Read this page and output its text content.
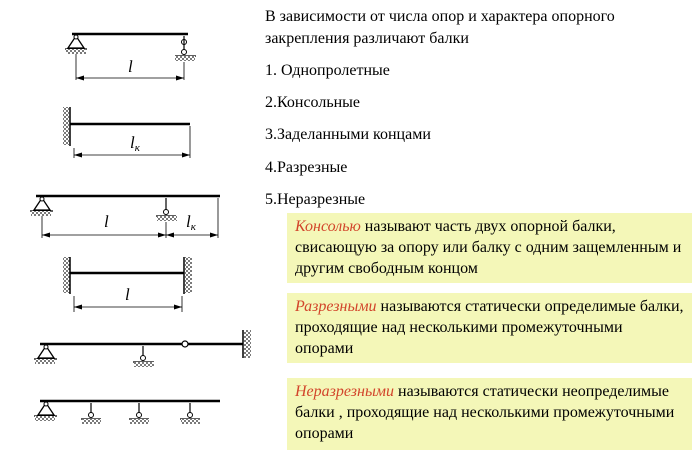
l
lк
l	lк
l

В зависимости от числа опор и характера опорного закрепления различают балки

1. Однопролетные
2.Консольные
3.Заделанными концами
4.Разрезные
5.Неразрезные
Консолью называют часть двух опорной балки, свисающую за опору или балку с одним защемленным и другим свободным концом
Разрезными называются статически определимые балки, проходящие над несколькими промежуточными опорами
Неразрезными называются статически неопределимые балки , проходящие над несколькими промежуточными опорами
